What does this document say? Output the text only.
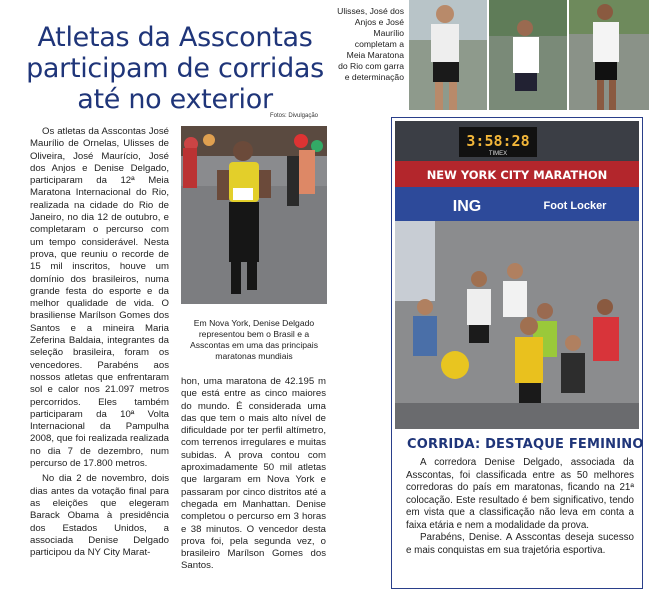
Atletas da Asscontas participam de corridas até no exterior
Fotos: Divulgação

Os atletas da Asscontas José Maurílio de Ornelas, Ulisses de Oliveira, José Maurício, José dos Anjos e Denise Delgado, participaram da 12ª Meia Maratona Internacional do Rio, realizada na cidade do Rio de Janeiro, no dia 12 de outubro, e completaram o percurso com um tempo considerável. Nesta prova, que reuniu o recorde de 15 mil inscritos, houve um domínio dos brasileiros, numa grande festa do esporte e da melhor qualidade de vida. O brasiliense Marílson Gomes dos Santos e a mineira Maria Zeferina Baldaia, integrantes da seleção brasileira, foram os vencedores. Parabéns aos nossos atletas que enfrentaram sol e calor nos 21.097 metros percorridos. Eles também participaram da 10ª Volta Internacional da Pampulha 2008, que foi realizada realizada no dia 7 de dezembro, num percurso de 17.800 metros.

No dia 2 de novembro, dois dias antes da votação final para as eleições que elegeram Barack Obama à presidência dos Estados Unidos, a associada Denise Delgado participou da NY City Marat-

Em Nova York, Denise Delgado representou bem o Brasil e a Asscontas em uma das principais maratonas mundiais
hon, uma maratona de 42.195 m que está entre as cinco maiores do mundo. É considerada uma das que tem o mais alto nível de dificuldade por ter perfil altímetro, com terrenos irregulares e muitas subidas. A prova contou com aproximadamente 50 mil atletas que largaram em Nova York e passaram por cinco distritos até a chegada em Manhattan. Denise completou o percurso em 3 horas e 38 minutos. O vencedor desta prova foi, pela segunda vez, o brasileiro Marílson Gomes dos Santos.
Ulisses, José dos Anjos e José Maurílio completam a Meia Maratona do Rio com garra e determinação
3:58:28
TIMEX
NEW YORK CITY MARATHON
ING	Foot Locker
CORRIDA: DESTAQUE FEMININO

A corredora Denise Delgado, associada da Asscontas, foi classificada entre as 50 melhores corredoras do país em maratonas, ficando na 21ª colocação. Este resultado é bem significativo, tendo em vista que a classificação não leva em conta a faixa etária e nem a modalidade da prova.

Parabéns, Denise. A Asscontas deseja sucesso e mais conquistas em sua trajetória esportiva.
